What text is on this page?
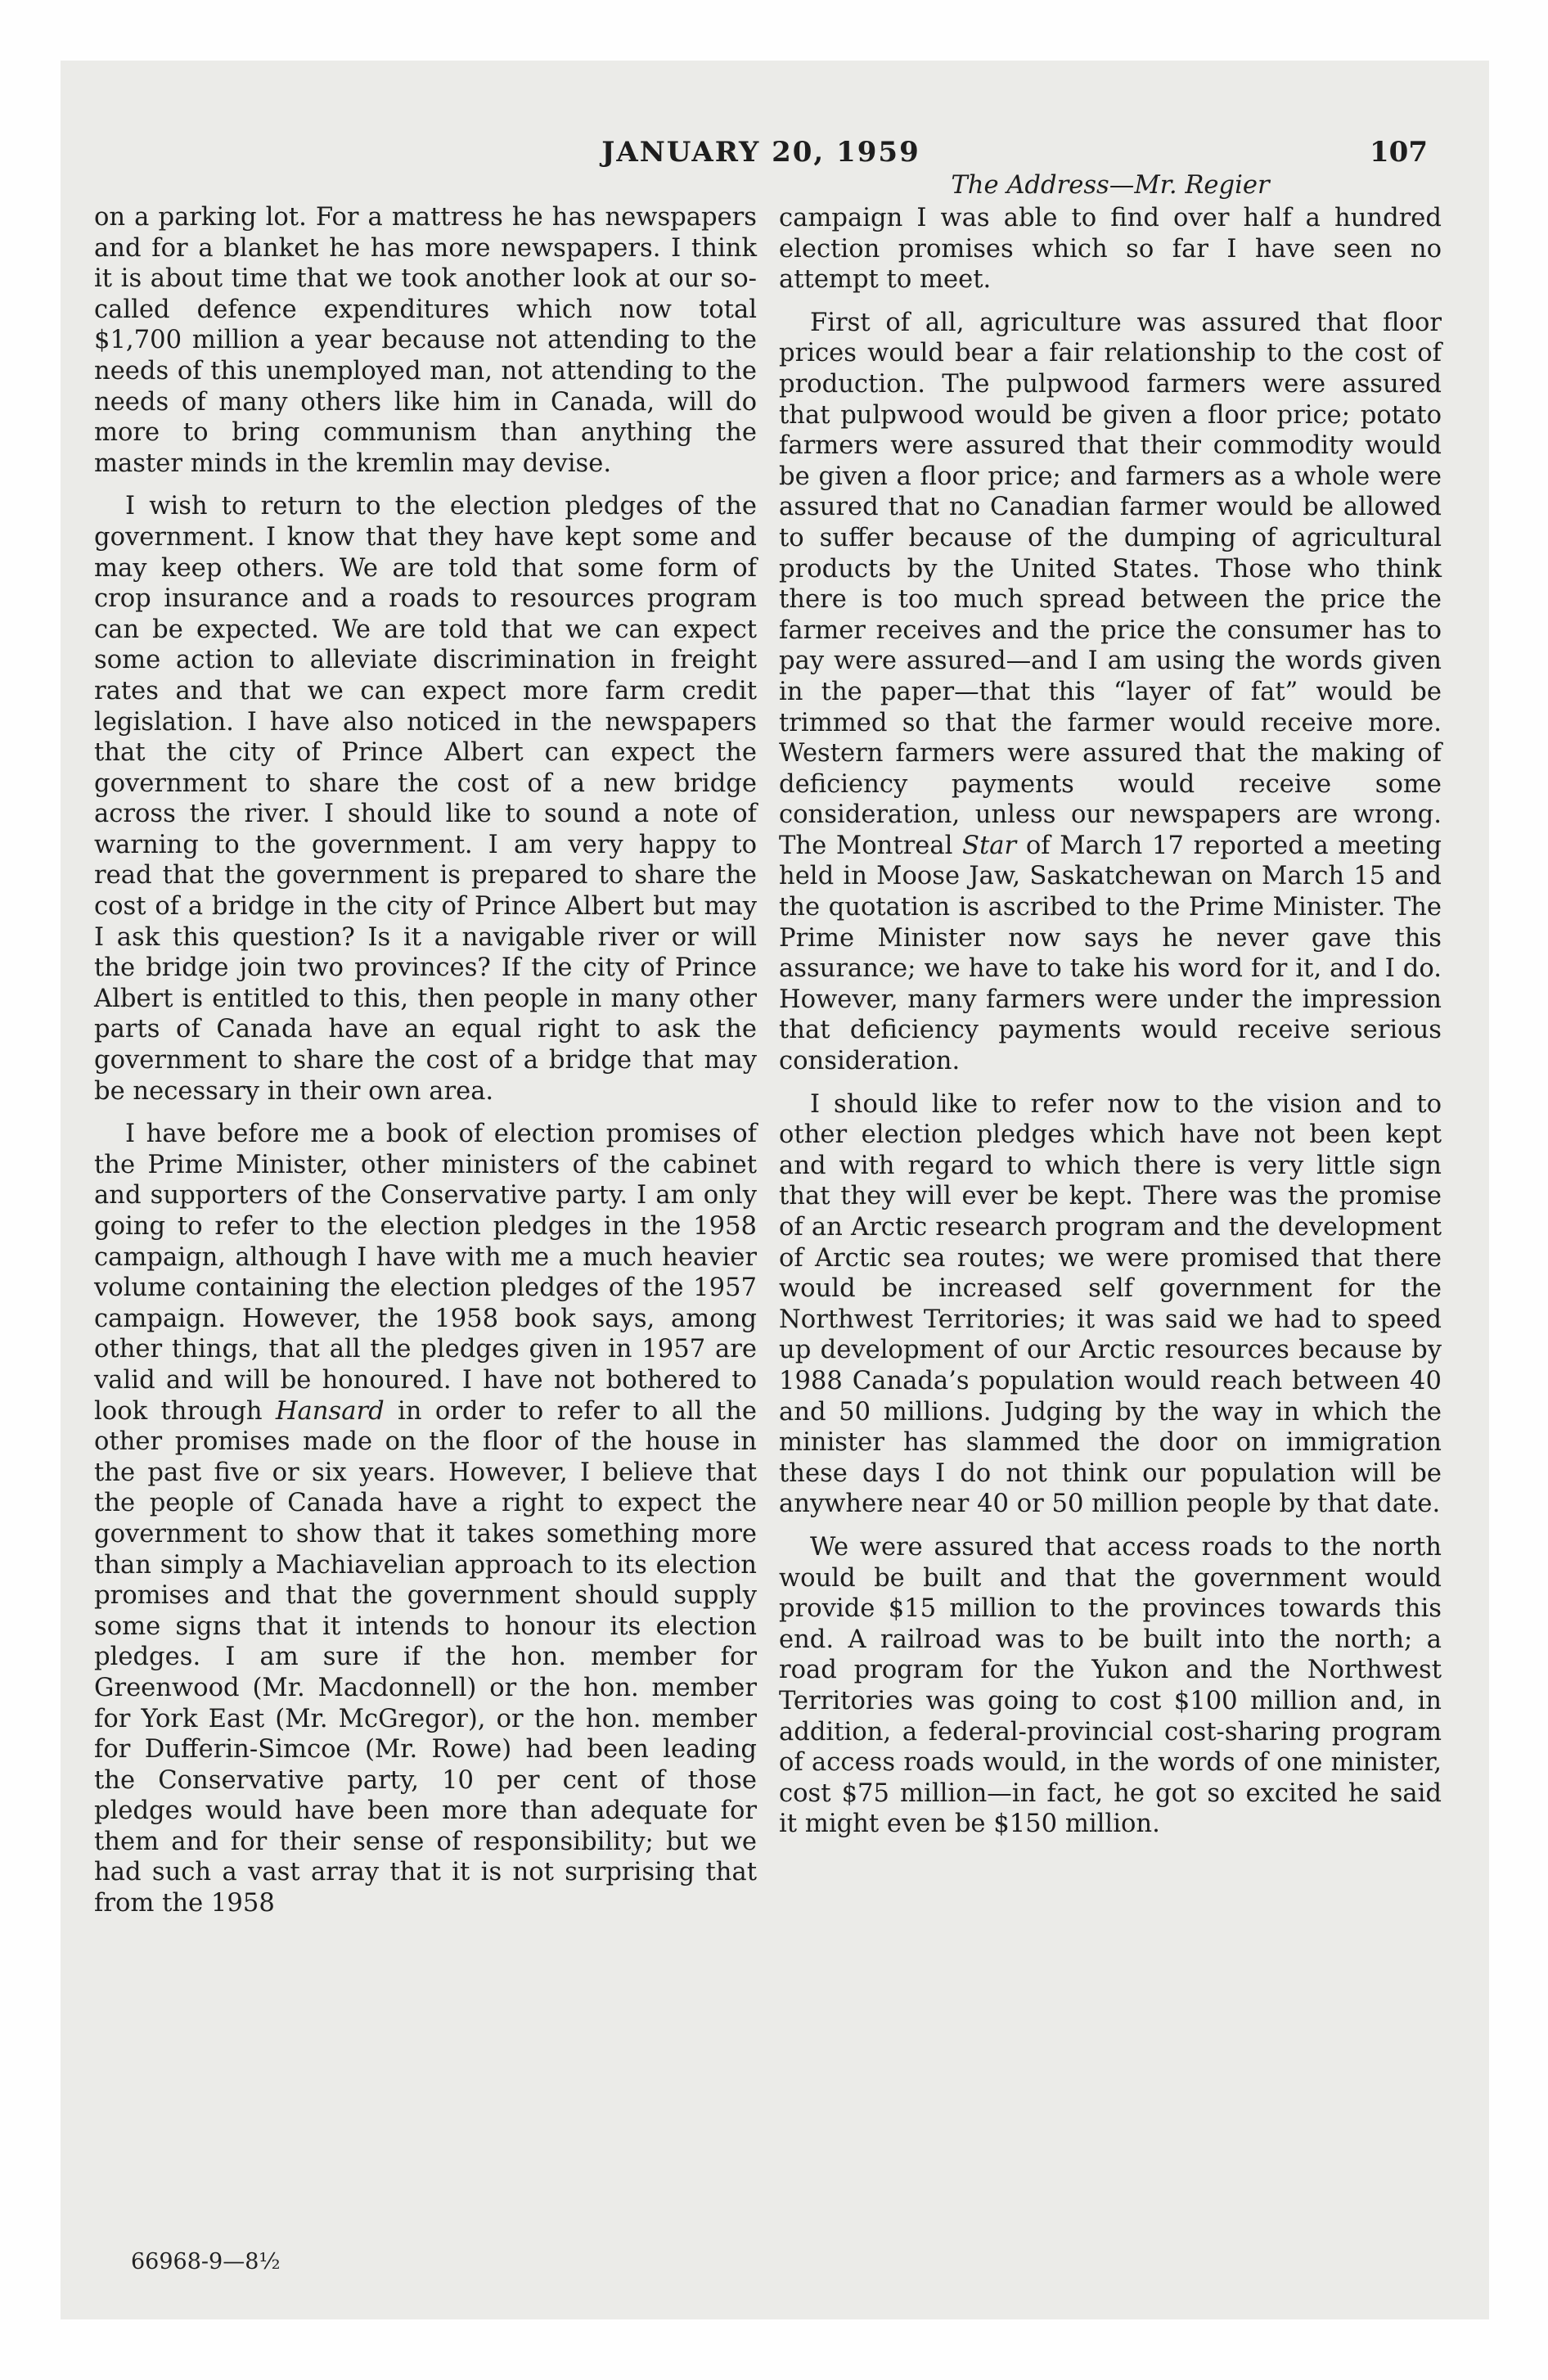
JANUARY 20, 1959	107

on a parking lot. For a mattress he has newspapers and for a blanket he has more newspapers. I think it is about time that we took another look at our so-called defence expenditures which now total $1,700 million a year because not attending to the needs of this unemployed man, not attending to the needs of many others like him in Canada, will do more to bring communism than anything the master minds in the kremlin may devise.

I wish to return to the election pledges of the government. I know that they have kept some and may keep others. We are told that some form of crop insurance and a roads to resources program can be expected. We are told that we can expect some action to alleviate discrimination in freight rates and that we can expect more farm credit legislation. I have also noticed in the newspapers that the city of Prince Albert can expect the government to share the cost of a new bridge across the river. I should like to sound a note of warning to the government. I am very happy to read that the government is prepared to share the cost of a bridge in the city of Prince Albert but may I ask this question? Is it a navigable river or will the bridge join two provinces? If the city of Prince Albert is entitled to this, then people in many other parts of Canada have an equal right to ask the government to share the cost of a bridge that may be necessary in their own area.

I have before me a book of election promises of the Prime Minister, other ministers of the cabinet and supporters of the Conservative party. I am only going to refer to the election pledges in the 1958 campaign, although I have with me a much heavier volume containing the election pledges of the 1957 campaign. However, the 1958 book says, among other things, that all the pledges given in 1957 are valid and will be honoured. I have not bothered to look through Hansard in order to refer to all the other promises made on the floor of the house in the past five or six years. However, I believe that the people of Canada have a right to expect the government to show that it takes something more than simply a Machiavelian approach to its election promises and that the government should supply some signs that it intends to honour its election pledges. I am sure if the hon. member for Greenwood (Mr. Macdonnell) or the hon. member for York East (Mr. McGregor), or the hon. member for Dufferin-Simcoe (Mr. Rowe) had been leading the Conservative party, 10 per cent of those pledges would have been more than adequate for them and for their sense of responsibility; but we had such a vast array that it is not surprising that from the 1958

The Address—Mr. Regier

campaign I was able to find over half a hundred election promises which so far I have seen no attempt to meet.

First of all, agriculture was assured that floor prices would bear a fair relationship to the cost of production. The pulpwood farmers were assured that pulpwood would be given a floor price; potato farmers were assured that their commodity would be given a floor price; and farmers as a whole were assured that no Canadian farmer would be allowed to suffer because of the dumping of agricultural products by the United States. Those who think there is too much spread between the price the farmer receives and the price the consumer has to pay were assured—and I am using the words given in the paper—that this “layer of fat” would be trimmed so that the farmer would receive more. Western farmers were assured that the making of deficiency payments would receive some consideration, unless our newspapers are wrong. The Montreal Star of March 17 reported a meeting held in Moose Jaw, Saskatchewan on March 15 and the quotation is ascribed to the Prime Minister. The Prime Minister now says he never gave this assurance; we have to take his word for it, and I do. However, many farmers were under the impression that deficiency payments would receive serious consideration.

I should like to refer now to the vision and to other election pledges which have not been kept and with regard to which there is very little sign that they will ever be kept. There was the promise of an Arctic research program and the development of Arctic sea routes; we were promised that there would be increased self government for the Northwest Territories; it was said we had to speed up development of our Arctic resources because by 1988 Canada’s population would reach between 40 and 50 millions. Judging by the way in which the minister has slammed the door on immigration these days I do not think our population will be anywhere near 40 or 50 million people by that date.

We were assured that access roads to the north would be built and that the government would provide $15 million to the provinces towards this end. A railroad was to be built into the north; a road program for the Yukon and the Northwest Territories was going to cost $100 million and, in addition, a federal-provincial cost-sharing program of access roads would, in the words of one minister, cost $75 million—in fact, he got so excited he said it might even be $150 million.

66968-9—8½
